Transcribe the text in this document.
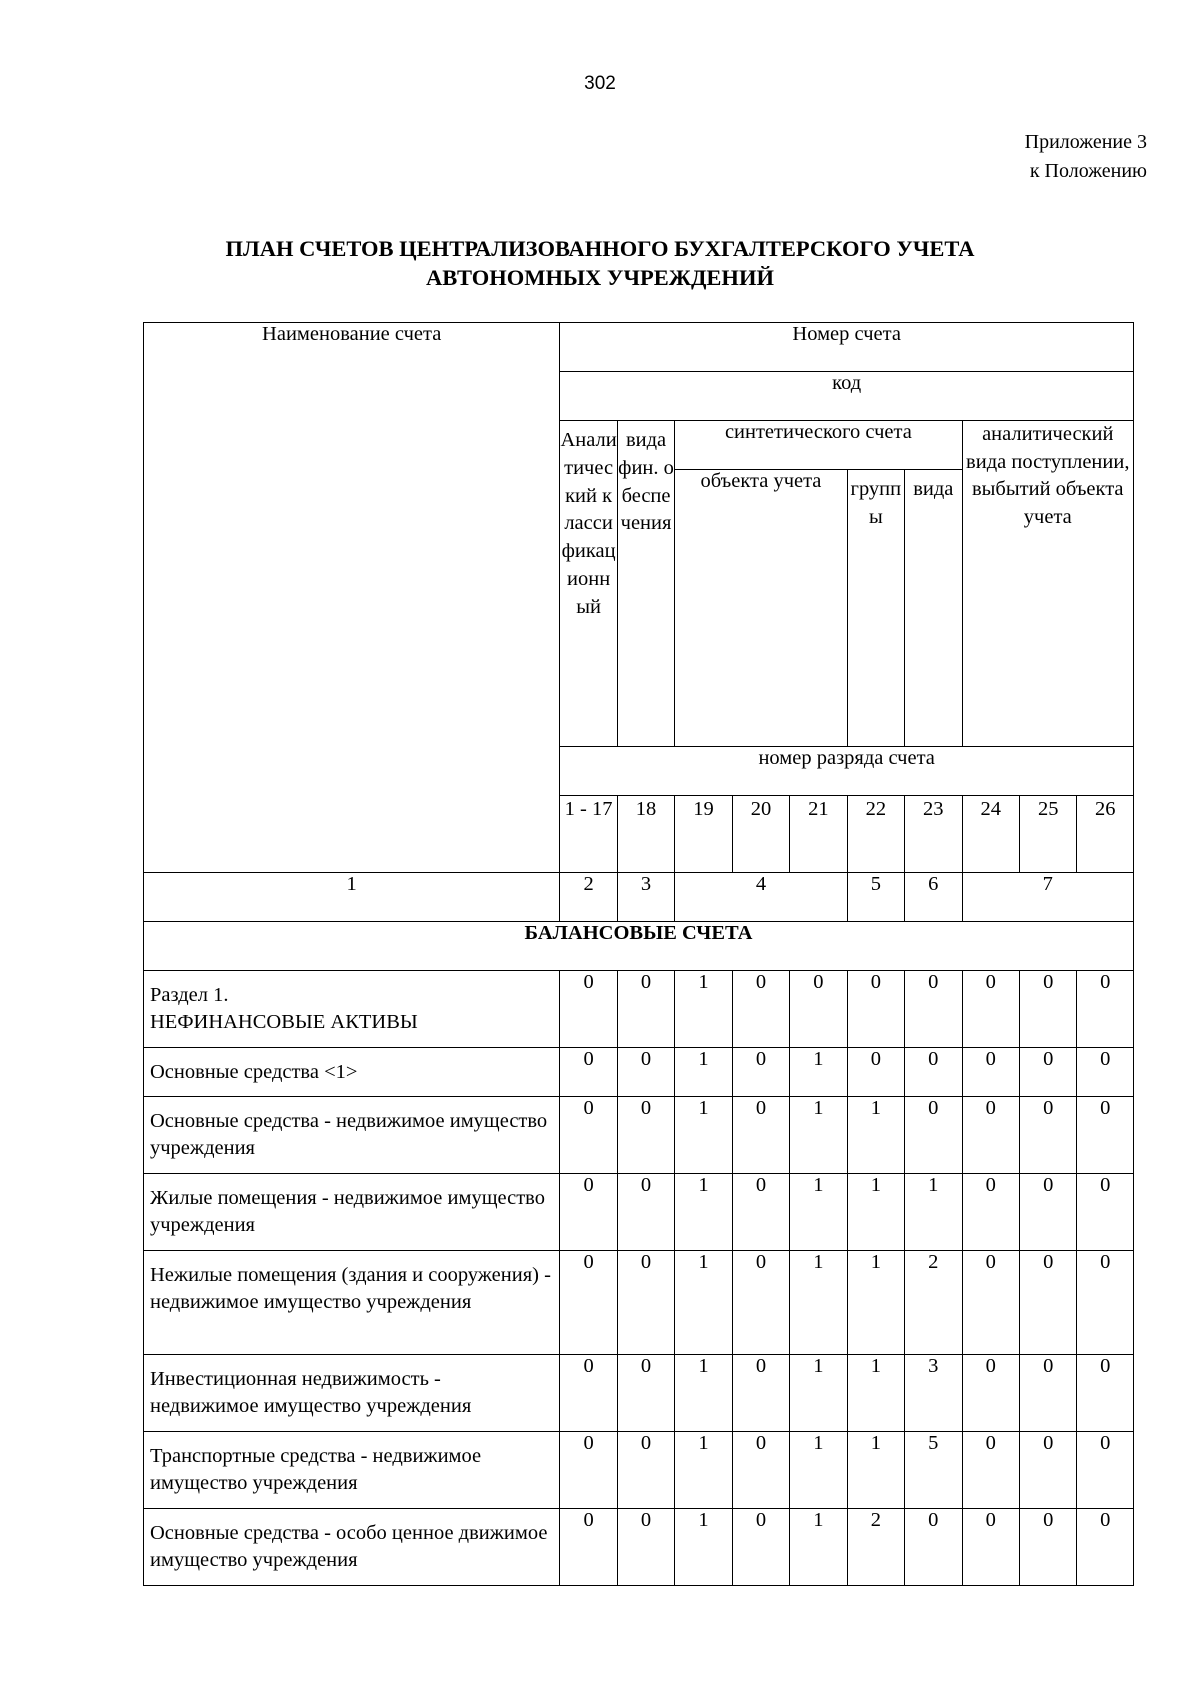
302
Приложение 3
к Положению
ПЛАН СЧЕТОВ ЦЕНТРАЛИЗОВАННОГО БУХГАЛТЕРСКОГО УЧЕТА
АВТОНОМНЫХ УЧРЕЖДЕНИЙ
Наименование счета	Номер счета									
	код									
	Аналитический классификационный	вида фин. обеспечения	синтетического счета					аналитический вида поступлении, выбытий объекта учета		
			объекта учета			группы	вида			
	номер разряда счета									
	1 - 17	18	19	20	21	22	23	24	25	26
1	2	3	4			5	6	7		
БАЛАНСОВЫЕ СЧЕТА										
Раздел 1.
НЕФИНАНСОВЫЕ АКТИВЫ	0	0	1	0	0	0	0	0	0	0
Основные средства <1>	0	0	1	0	1	0	0	0	0	0
Основные средства - недвижимое имущество учреждения	0	0	1	0	1	1	0	0	0	0
Жилые помещения - недвижимое имущество учреждения	0	0	1	0	1	1	1	0	0	0
Нежилые помещения (здания и сооружения) - недвижимое имущество учреждения	0	0	1	0	1	1	2	0	0	0
Инвестиционная недвижимость - недвижимое имущество учреждения	0	0	1	0	1	1	3	0	0	0
Транспортные средства - недвижимое имущество учреждения	0	0	1	0	1	1	5	0	0	0
Основные средства - особо ценное движимое имущество учреждения	0	0	1	0	1	2	0	0	0	0
